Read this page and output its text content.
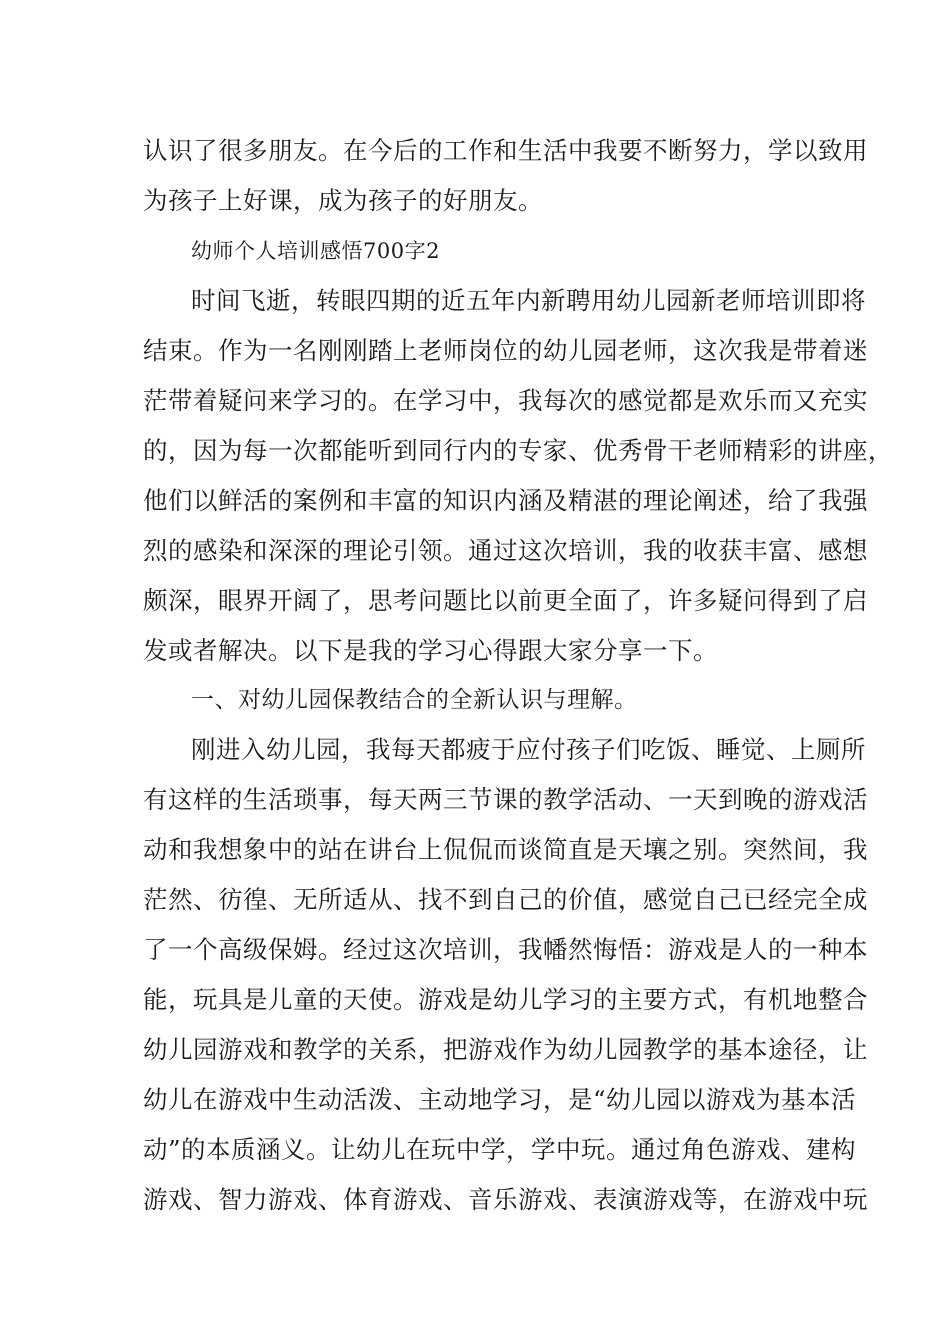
认识了很多朋友。在今后的工作和生活中我要不断努力，学以致用
为孩子上好课，成为孩子的好朋友。
幼师个人培训感悟700字2
时间飞逝，转眼四期的近五年内新聘用幼儿园新老师培训即将
结束。作为一名刚刚踏上老师岗位的幼儿园老师，这次我是带着迷
茫带着疑问来学习的。在学习中，我每次的感觉都是欢乐而又充实
的，因为每一次都能听到同行内的专家、优秀骨干老师精彩的讲座，
他们以鲜活的案例和丰富的知识内涵及精湛的理论阐述，给了我强
烈的感染和深深的理论引领。通过这次培训，我的收获丰富、感想
颇深，眼界开阔了，思考问题比以前更全面了，许多疑问得到了启
发或者解决。以下是我的学习心得跟大家分享一下。
一、对幼儿园保教结合的全新认识与理解。
刚进入幼儿园，我每天都疲于应付孩子们吃饭、睡觉、上厕所
有这样的生活琐事，每天两三节课的教学活动、一天到晚的游戏活
动和我想象中的站在讲台上侃侃而谈简直是天壤之别。突然间，我
茫然、彷徨、无所适从、找不到自己的价值，感觉自己已经完全成
了一个高级保姆。经过这次培训，我幡然悔悟：游戏是人的一种本
能，玩具是儿童的天使。游戏是幼儿学习的主要方式，有机地整合
幼儿园游戏和教学的关系，把游戏作为幼儿园教学的基本途径，让
幼儿在游戏中生动活泼、主动地学习，是“幼儿园以游戏为基本活
动”的本质涵义。让幼儿在玩中学，学中玩。通过角色游戏、建构
游戏、智力游戏、体育游戏、音乐游戏、表演游戏等，在游戏中玩
